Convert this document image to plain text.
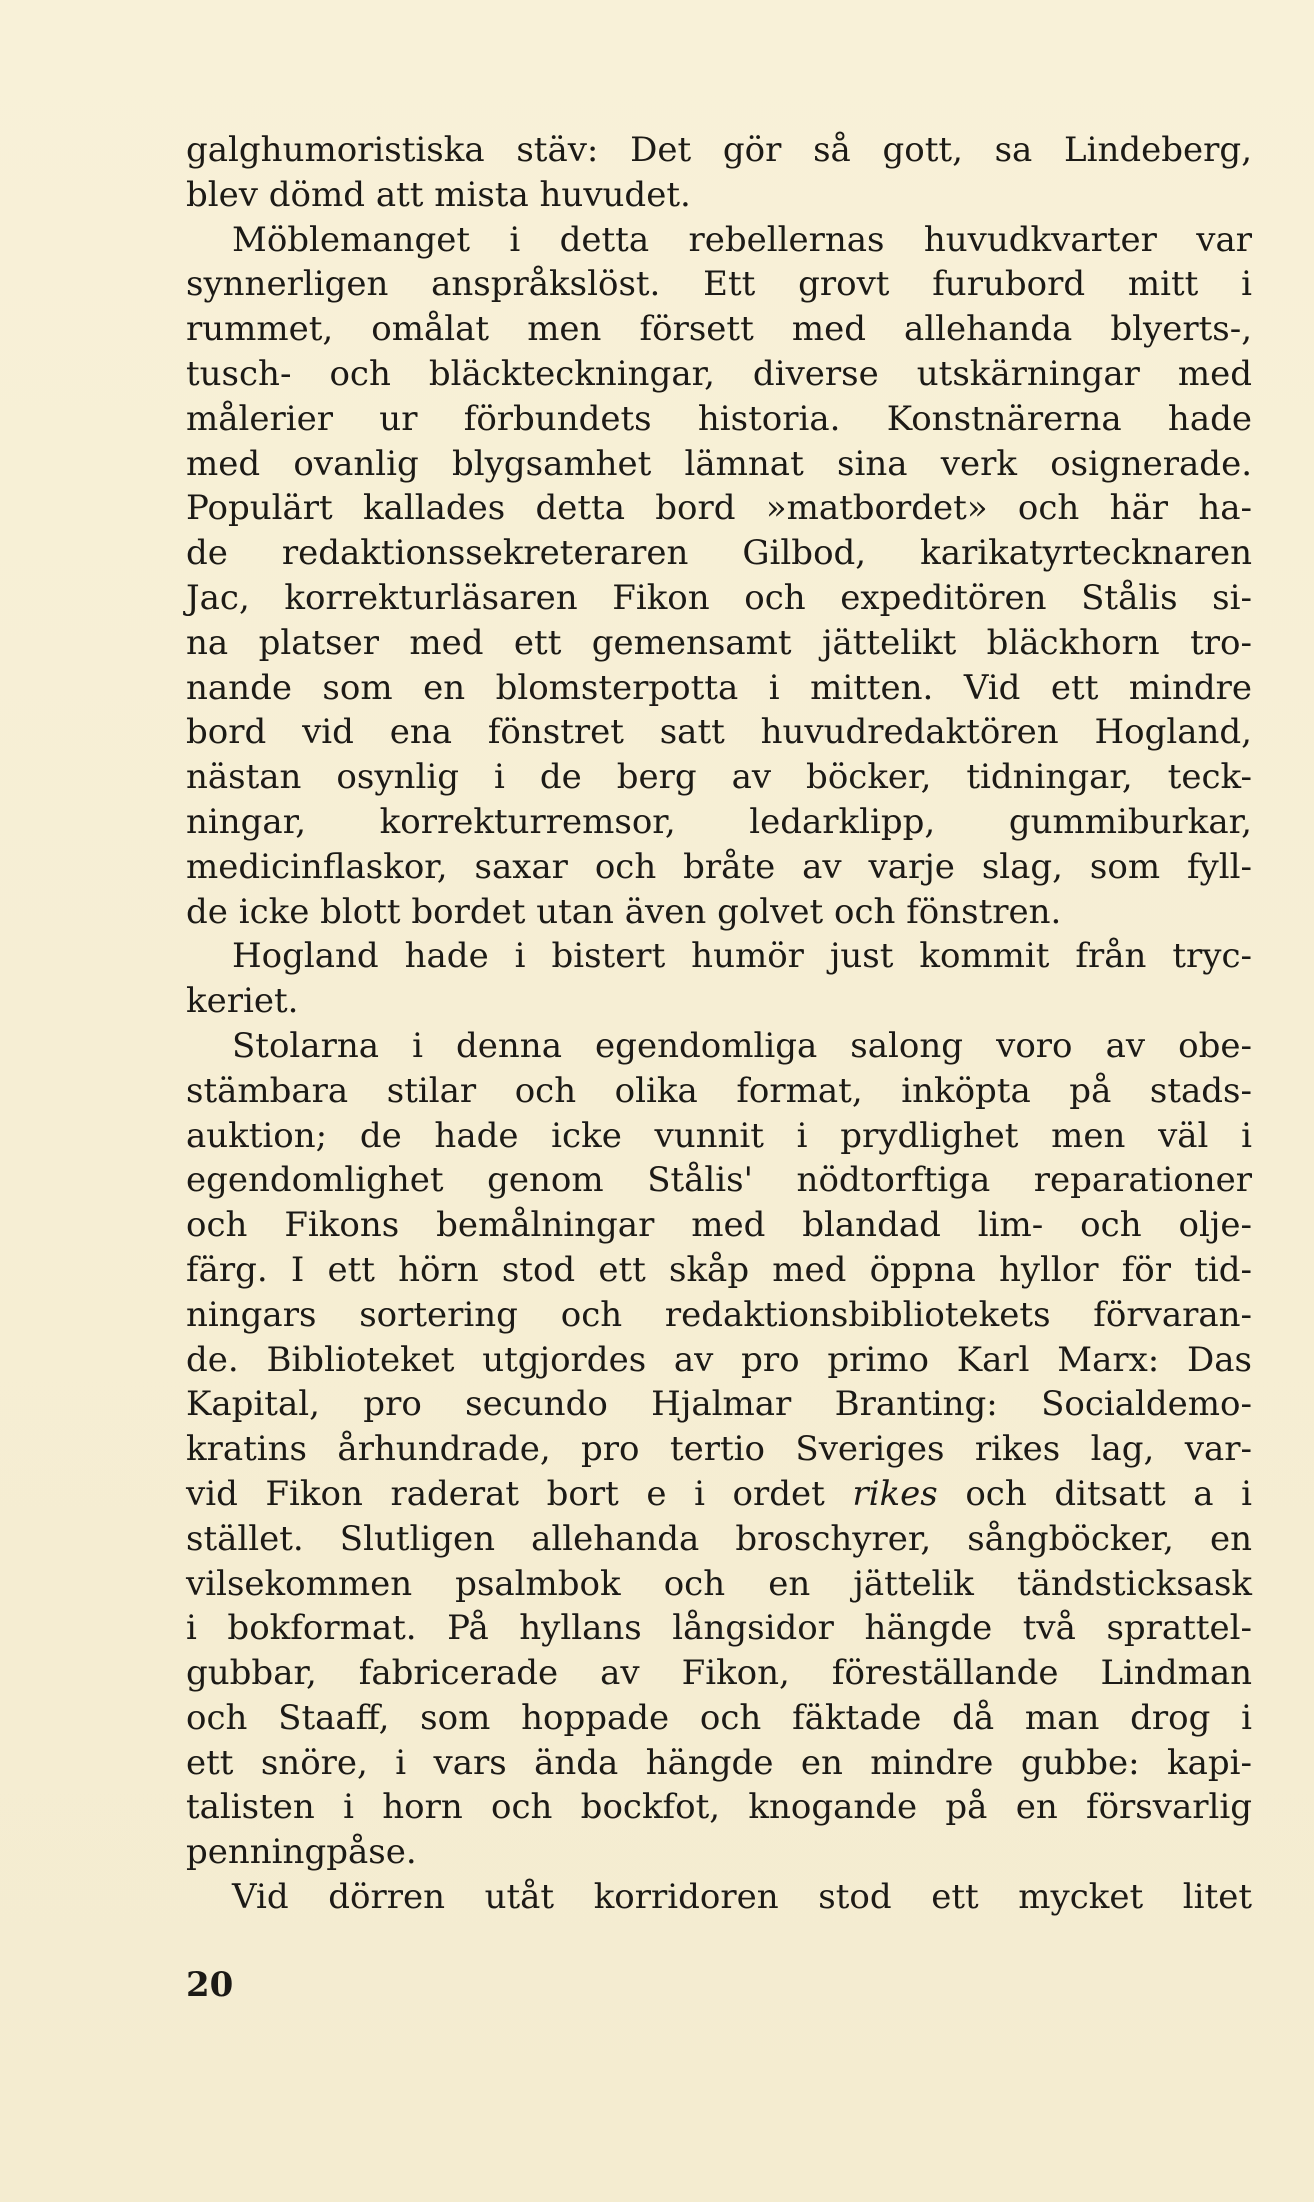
galghumoristiska stäv: Det gör så gott, sa Lindeberg,
blev dömd att mista huvudet.
Möblemanget i detta rebellernas huvudkvarter var
synnerligen anspråkslöst. Ett grovt furubord mitt i
rummet, omålat men försett med allehanda blyerts-,
tusch- och bläckteckningar, diverse utskärningar med
målerier ur förbundets historia. Konstnärerna hade
med ovanlig blygsamhet lämnat sina verk osignerade.
Populärt kallades detta bord »matbordet» och här ha-
de redaktionssekreteraren Gilbod, karikatyrtecknaren
Jac, korrekturläsaren Fikon och expeditören Stålis si-
na platser med ett gemensamt jättelikt bläckhorn tro-
nande som en blomsterpotta i mitten. Vid ett mindre
bord vid ena fönstret satt huvudredaktören Hogland,
nästan osynlig i de berg av böcker, tidningar, teck-
ningar, korrekturremsor, ledarklipp, gummiburkar,
medicinflaskor, saxar och bråte av varje slag, som fyll-
de icke blott bordet utan även golvet och fönstren.
Hogland hade i bistert humör just kommit från tryc-
keriet.
Stolarna i denna egendomliga salong voro av obe-
stämbara stilar och olika format, inköpta på stads-
auktion; de hade icke vunnit i prydlighet men väl i
egendomlighet genom Stålis' nödtorftiga reparationer
och Fikons bemålningar med blandad lim- och olje-
färg. I ett hörn stod ett skåp med öppna hyllor för tid-
ningars sortering och redaktionsbibliotekets förvaran-
de. Biblioteket utgjordes av pro primo Karl Marx: Das
Kapital, pro secundo Hjalmar Branting: Socialdemo-
kratins århundrade, pro tertio Sveriges rikes lag, var-
vid Fikon raderat bort e i ordet rikes och ditsatt a i
stället. Slutligen allehanda broschyrer, sångböcker, en
vilsekommen psalmbok och en jättelik tändsticksask
i bokformat. På hyllans långsidor hängde två sprattel-
gubbar, fabricerade av Fikon, föreställande Lindman
och Staaff, som hoppade och fäktade då man drog i
ett snöre, i vars ända hängde en mindre gubbe: kapi-
talisten i horn och bockfot, knogande på en försvarlig
penningpåse.
Vid dörren utåt korridoren stod ett mycket litet
20
